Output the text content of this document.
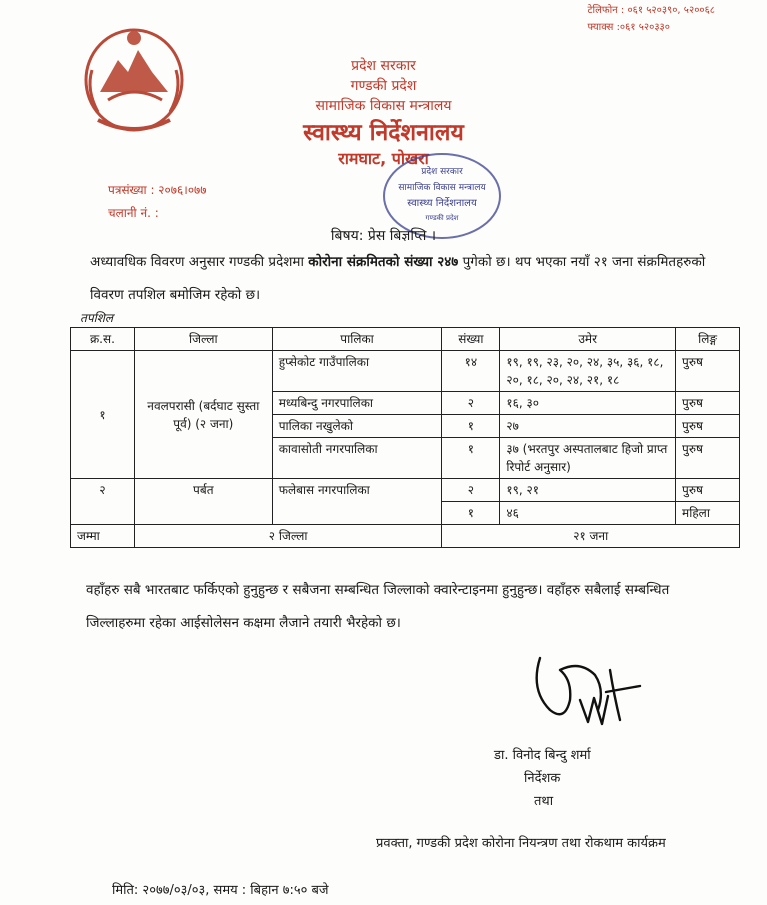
टेलिफोन : ०६१ ५२०३९०, ५२००६८
फ्याक्स :०६१ ५२०३३०
प्रदेश सरकार
गण्डकी प्रदेश
सामाजिक विकास मन्त्रालय
स्वास्थ्य निर्देशनालय
रामघाट, पोखरा
प्रदेश सरकार
सामाजिक विकास मन्त्रालय
स्वास्थ्य निर्देशनालय
गण्डकी प्रदेश
पत्रसंख्या : २०७६।०७७
चलानी नं. :
बिषय: प्रेस बिज्ञप्ति ।
अध्यावधिक विवरण अनुसार गण्डकी प्रदेशमा कोरोना संक्रमितको संख्या २४७ पुगेको छ। थप भएका नयाँ २१ जना संक्रमितहरुको विवरण तपशिल बमोजिम रहेको छ।
तपशिल
क्र.स.	जिल्ला	पालिका	संख्या	उमेर	लिङ्ग
१	नवलपरासी (बर्दघाट सुस्ता पूर्व) (२ जना)	हुप्सेकोट गाउँपालिका	१४	१९, १९, २३, २०, २४, ३५, ३६, १८, २०, १८, २०, २४, २१, १८	पुरुष
		मध्यबिन्दु नगरपालिका	२	१६, ३०	पुरुष
		पालिका नखुलेको	१	२७	पुरुष
		कावासोती नगरपालिका	१	३७ (भरतपुर अस्पतालबाट हिजो प्राप्त रिपोर्ट अनुसार)	पुरुष
२	पर्बत	फलेबास नगरपालिका	२	१९, २१	पुरुष
			१	४६	महिला
जम्मा	२ जिल्ला		२१ जना		
वहाँहरु सबै भारतबाट फर्किएको हुनुहुन्छ र सबैजना सम्बन्धित जिल्लाको क्वारेन्टाइनमा हुनुहुन्छ। वहाँहरु सबैलाई सम्बन्धित जिल्लाहरुमा रहेका आईसोलेसन कक्षमा लैजाने तयारी भैरहेको छ।
डा. विनोद बिन्दु शर्मा
निर्देशक
तथा
प्रवक्ता, गण्डकी प्रदेश कोरोना नियन्त्रण तथा रोकथाम कार्यक्रम
मिति: २०७७/०३/०३, समय : बिहान ७:५० बजे
